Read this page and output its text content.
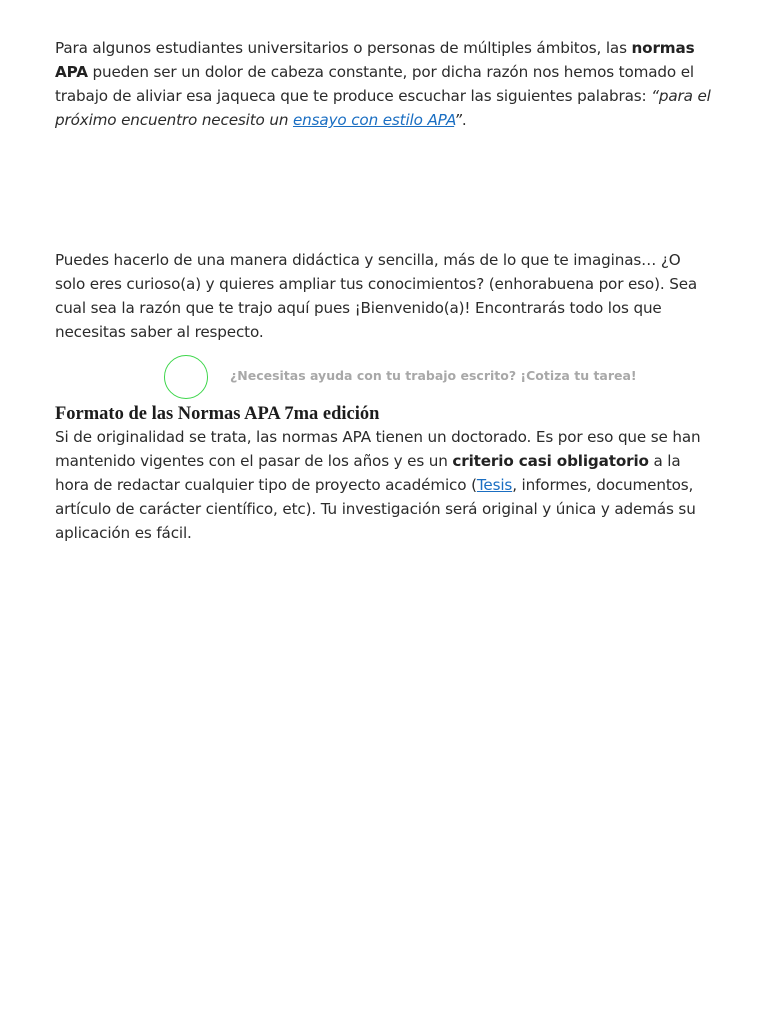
Para algunos estudiantes universitarios o personas de múltiples ámbitos, las normas APA pueden ser un dolor de cabeza constante, por dicha razón nos hemos tomado el trabajo de aliviar esa jaqueca que te produce escuchar las siguientes palabras: “para el próximo encuentro necesito un ensayo con estilo APA”.

Puedes hacerlo de una manera didáctica y sencilla, más de lo que te imaginas… ¿O solo eres curioso(a) y quieres ampliar tus conocimientos? (enhorabuena por eso). Sea cual sea la razón que te trajo aquí pues ¡Bienvenido(a)! Encontrarás todo los que necesitas saber al respecto.

¿Necesitas ayuda con tu trabajo escrito? ¡Cotiza tu tarea!
Formato de las Normas APA 7ma edición

Si de originalidad se trata, las normas APA tienen un doctorado. Es por eso que se han mantenido vigentes con el pasar de los años y es un criterio casi obligatorio a la hora de redactar cualquier tipo de proyecto académico (Tesis, informes, documentos, artículo de carácter científico, etc). Tu investigación será original y única y además su aplicación es fácil.
